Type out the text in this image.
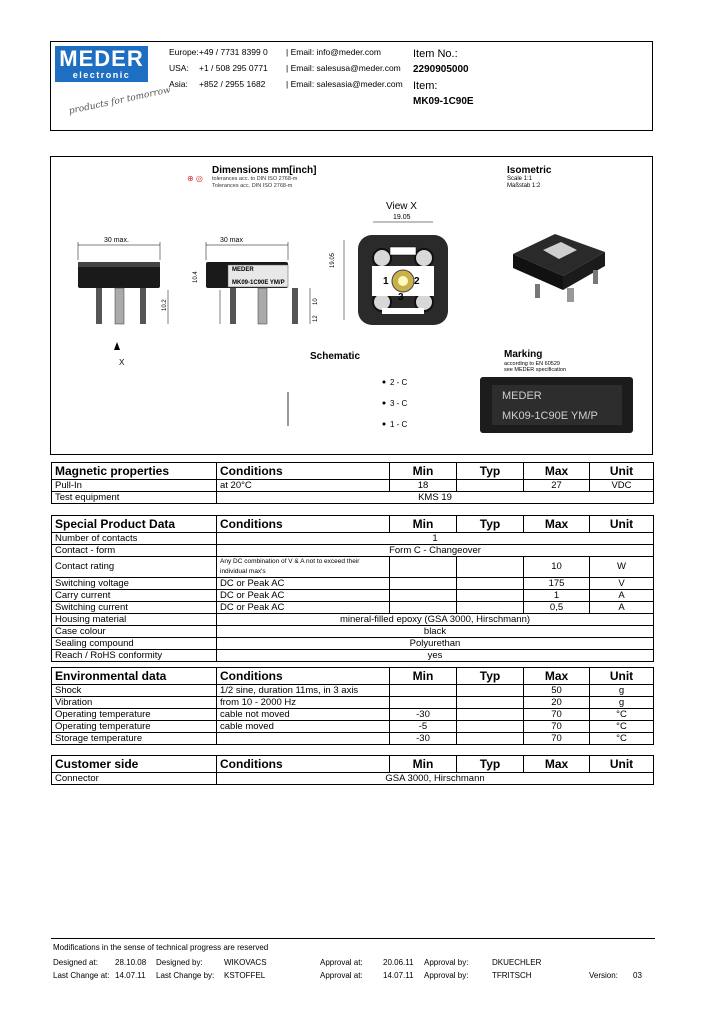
MEDER
electronic
products for tomorrow
Europe: +49 / 7731 8399 0 | Email: info@meder.com
USA: +1 / 508 295 0771 | Email: salesusa@meder.com
Asia: +852 / 2955 1682 | Email: salesasia@meder.com
Item No.:
2290905000
Item:
MK09-1C90E
Dimensions mm[inch]
⊕ ◎ tolerances acc. to DIN ISO 2768-m
Tolerances acc. DIN ISO 2768-m
Isometric
Scale 1:1
Maßstab 1:2
View X
30 max.	30 max
19.05
19.05
10.4
10.2	10
12
X
MEDER
MK09-1C90E YM/P	1	2
3
Schematic
2 - C
3 - C
1 - C
Marking
according to EN 60529
see MEDER specification
MEDER
MK09-1C90E YM/P
Magnetic properties	Conditions	Min	Typ	Max	Unit
Pull-In	at 20°C	18		27	VDC
Test equipment	KMS 19				
Special Product Data	Conditions	Min	Typ	Max	Unit
Number of contacts	1				
Contact - form	Form C - Changeover				
Contact rating	Any DC combination of V & A not to exceed their individual max's			10	W
Switching voltage	DC or Peak AC			175	V
Carry current	DC or Peak AC			1	A
Switching current	DC or Peak AC			0,5	A
Housing material	mineral-filled epoxy (GSA 3000, Hirschmann)				
Case colour	black				
Sealing compound	Polyurethan				
Reach / RoHS conformity	yes				
Environmental data	Conditions	Min	Typ	Max	Unit
Shock	1/2 sine, duration 11ms, in 3 axis			50	g
Vibration	from 10 - 2000 Hz			20	g
Operating temperature	cable not moved	-30		70	°C
Operating temperature	cable moved	-5		70	°C
Storage temperature		-30		70	°C
Customer side	Conditions	Min	Typ	Max	Unit
Connector	GSA 3000, Hirschmann				
Modifications in the sense of technical progress are reserved
Designed at: 28.10.08 Designed by:	WIKOVACS	Approval at:	20.06.11 Approval by:	DKUECHLER
Last Change at: 14.07.11 Last Change by: KSTOFFEL	Approval at:	14.07.11 Approval by:	TFRITSCH	Version: 03
